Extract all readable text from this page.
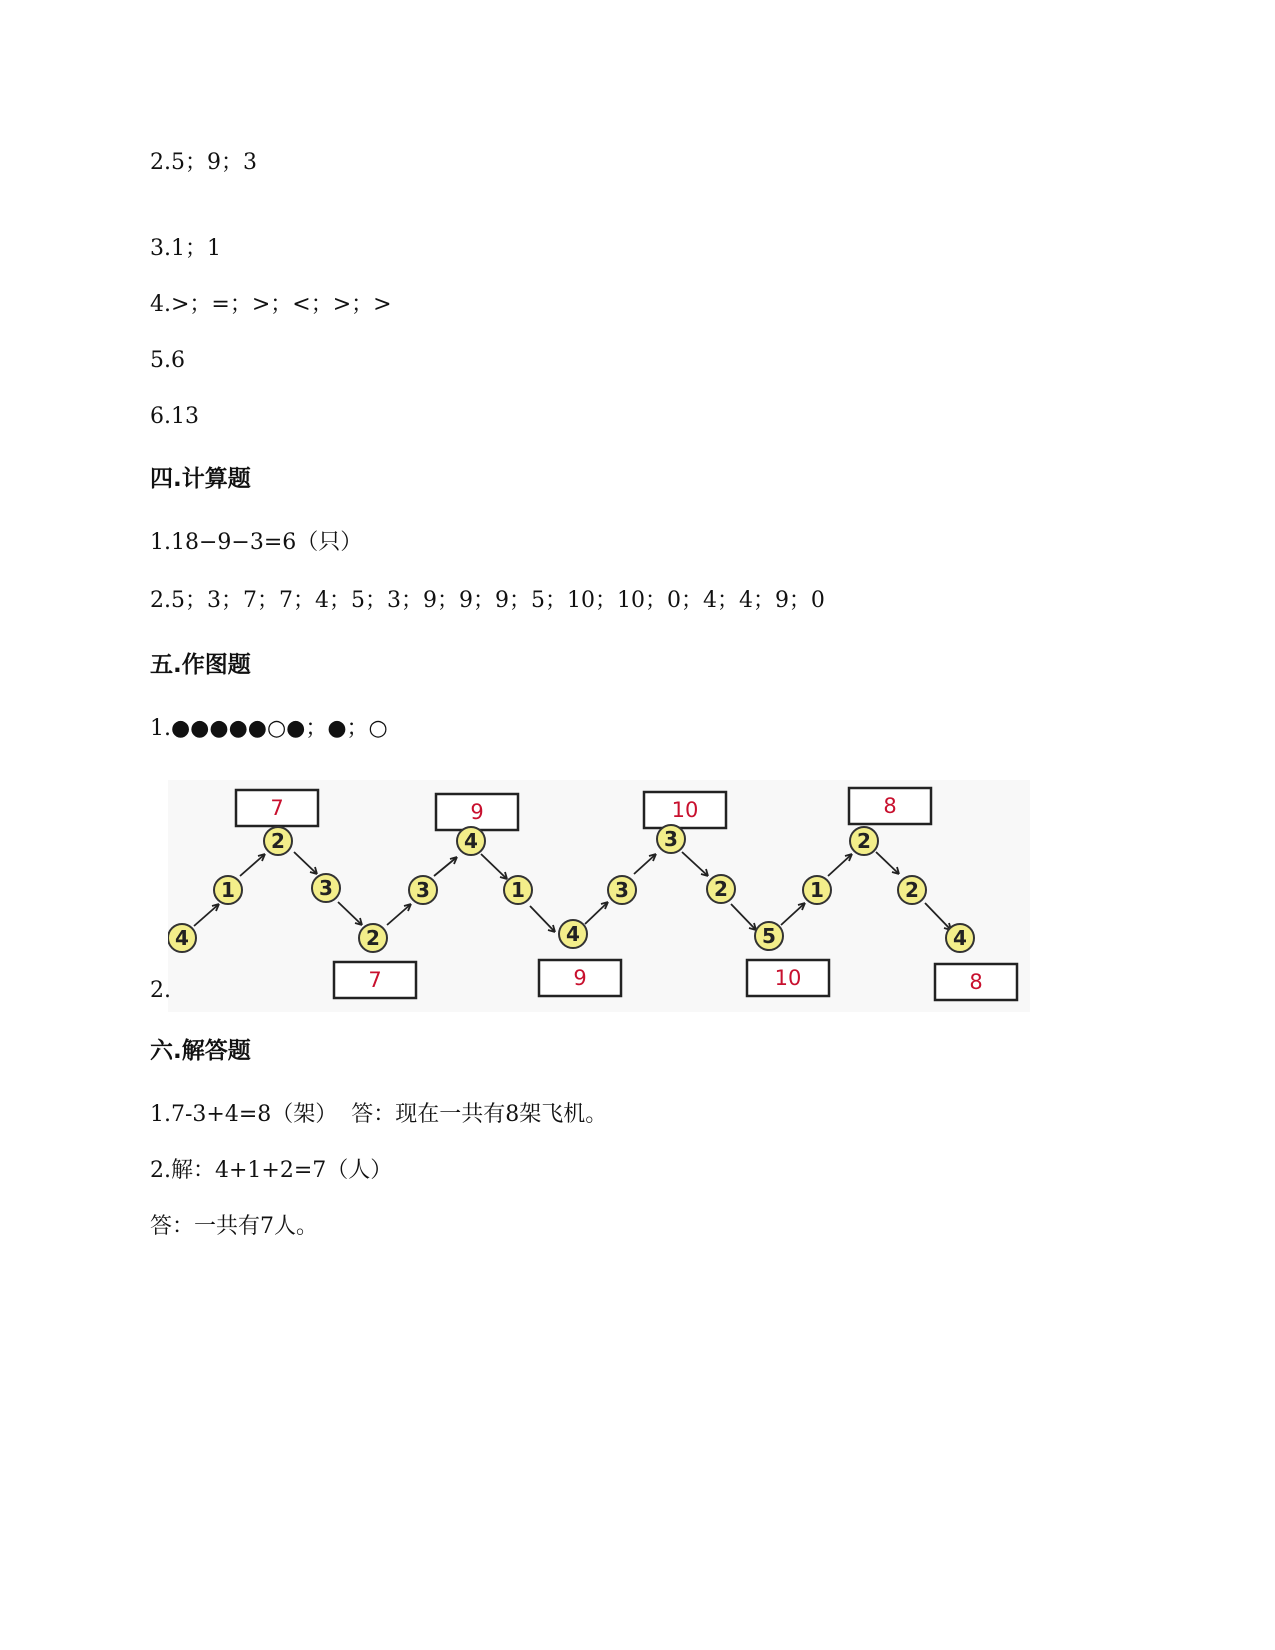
2.5；9；3
3.1；1
4.>；=；>；<；>；>
5.6
6.13
四.计算题
1.18−9−3=6（只）
2.5；3；7；7；4；5；3；9；9；9；5；10；10；0；4；4；9；0
五.作图题
1.●●●●●○●；●；○
7	9	10	8
7	9	10	8
4
1
2
3
2
3
4
1
4
3
3
2
5
1
2
2
4
2.
六.解答题
1.7-3+4=8（架）  答：现在一共有8架飞机。
2.解：4+1+2=7（人）
答：一共有7人。
